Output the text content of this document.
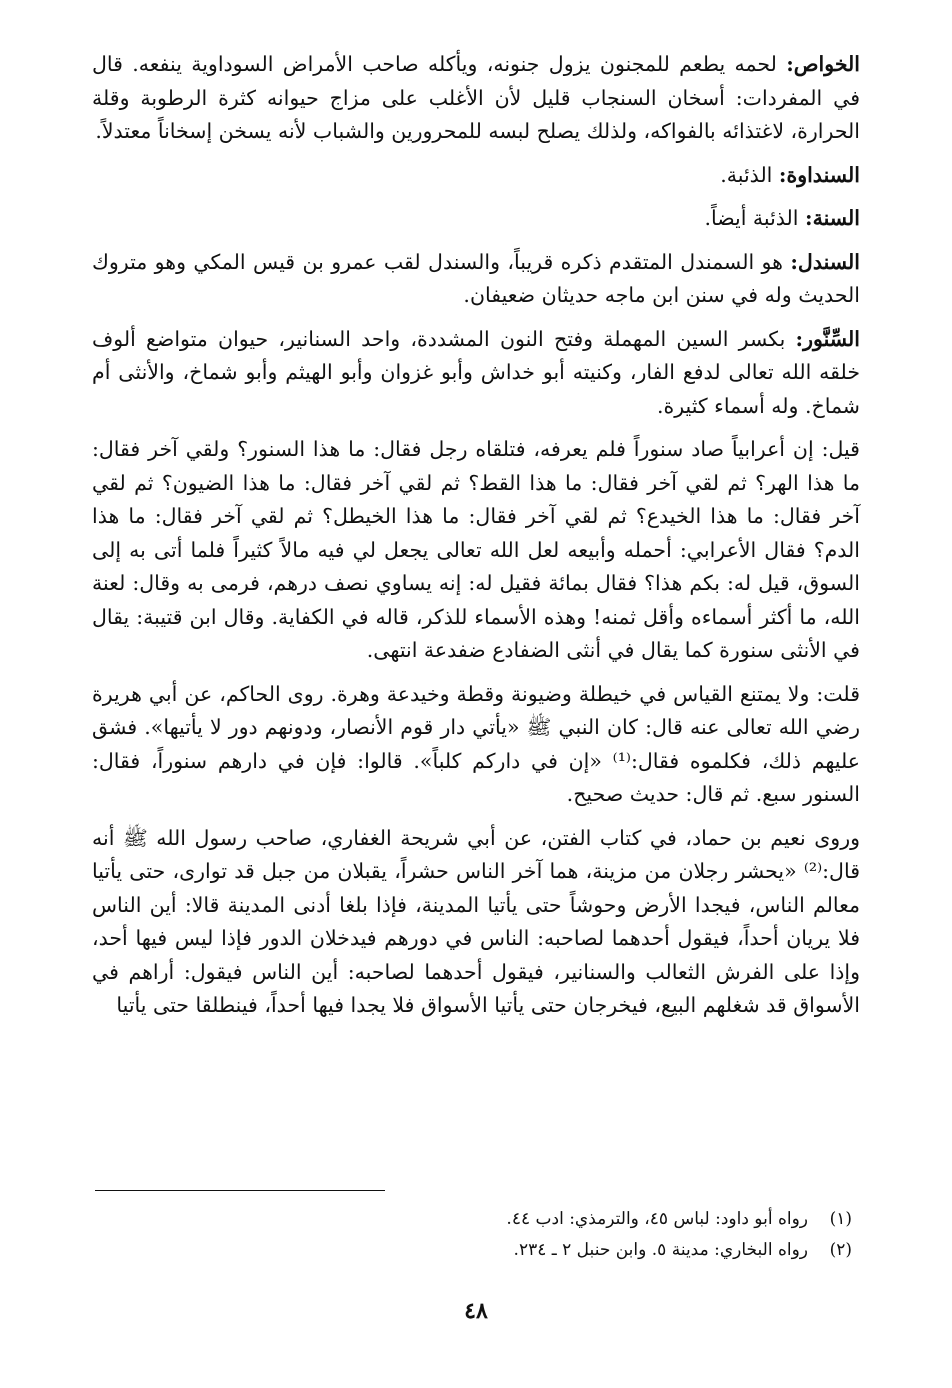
الخواص: لحمه يطعم للمجنون يزول جنونه، ويأكله صاحب الأمراض السوداوية ينفعه. قال في المفردات: أسخان السنجاب قليل لأن الأغلب على مزاج حيوانه كثرة الرطوبة وقلة الحرارة، لاغتذائه بالفواكه، ولذلك يصلح لبسه للمحرورين والشباب لأنه يسخن إسخاناً معتدلاً.

السنداوة: الذئبة.

السنة: الذئبة أيضاً.

السندل: هو السمندل المتقدم ذكره قريباً، والسندل لقب عمرو بن قيس المكي وهو متروك الحديث وله في سنن ابن ماجه حديثان ضعيفان.

السِّنَّور: بكسر السين المهملة وفتح النون المشددة، واحد السنانير، حيوان متواضع ألوف خلقه الله تعالى لدفع الفار، وكنيته أبو خداش وأبو غزوان وأبو الهيثم وأبو شماخ، والأنثى أم شماخ. وله أسماء كثيرة.

قيل: إن أعرابياً صاد سنوراً فلم يعرفه، فتلقاه رجل فقال: ما هذا السنور؟ ولقي آخر فقال: ما هذا الهر؟ ثم لقي آخر فقال: ما هذا القط؟ ثم لقي آخر فقال: ما هذا الضيون؟ ثم لقي آخر فقال: ما هذا الخيدع؟ ثم لقي آخر فقال: ما هذا الخيطل؟ ثم لقي آخر فقال: ما هذا الدم؟ فقال الأعرابي: أحمله وأبيعه لعل الله تعالى يجعل لي فيه مالاً كثيراً فلما أتى به إلى السوق، قيل له: بكم هذا؟ فقال بمائة فقيل له: إنه يساوي نصف درهم، فرمى به وقال: لعنة الله، ما أكثر أسماءه وأقل ثمنه! وهذه الأسماء للذكر، قاله في الكفاية. وقال ابن قتيبة: يقال في الأنثى سنورة كما يقال في أنثى الضفادع ضفدعة انتهى.

قلت: ولا يمتنع القياس في خيطلة وضيونة وقطة وخيدعة وهرة. روى الحاكم، عن أبي هريرة رضي الله تعالى عنه قال: كان النبي ﷺ «يأتي دار قوم الأنصار، ودونهم دور لا يأتيها». فشق عليهم ذلك، فكلموه فقال:⁽¹⁾ «إن في داركم كلباً». قالوا: فإن في دارهم سنوراً، فقال: السنور سبع. ثم قال: حديث صحيح.

وروى نعيم بن حماد، في كتاب الفتن، عن أبي شريحة الغفاري، صاحب رسول الله ﷺ أنه قال:⁽²⁾ «يحشر رجلان من مزينة، هما آخر الناس حشراً، يقبلان من جبل قد توارى، حتى يأتيا معالم الناس، فيجدا الأرض وحوشاً حتى يأتيا المدينة، فإذا بلغا أدنى المدينة قالا: أين الناس فلا يريان أحداً، فيقول أحدهما لصاحبه: الناس في دورهم فيدخلان الدور فإذا ليس فيها أحد، وإذا على الفرش الثعالب والسنانير، فيقول أحدهما لصاحبه: أين الناس فيقول: أراهم في الأسواق قد شغلهم البيع، فيخرجان حتى يأتيا الأسواق فلا يجدا فيها أحداً، فينطلقا حتى يأتيا

(١)رواه أبو داود: لباس ٤٥، والترمذي: ادب ٤٤.
(٢)رواه البخاري: مدينة ٥. وابن حنبل ٢ ـ ٢٣٤.
٤٨
